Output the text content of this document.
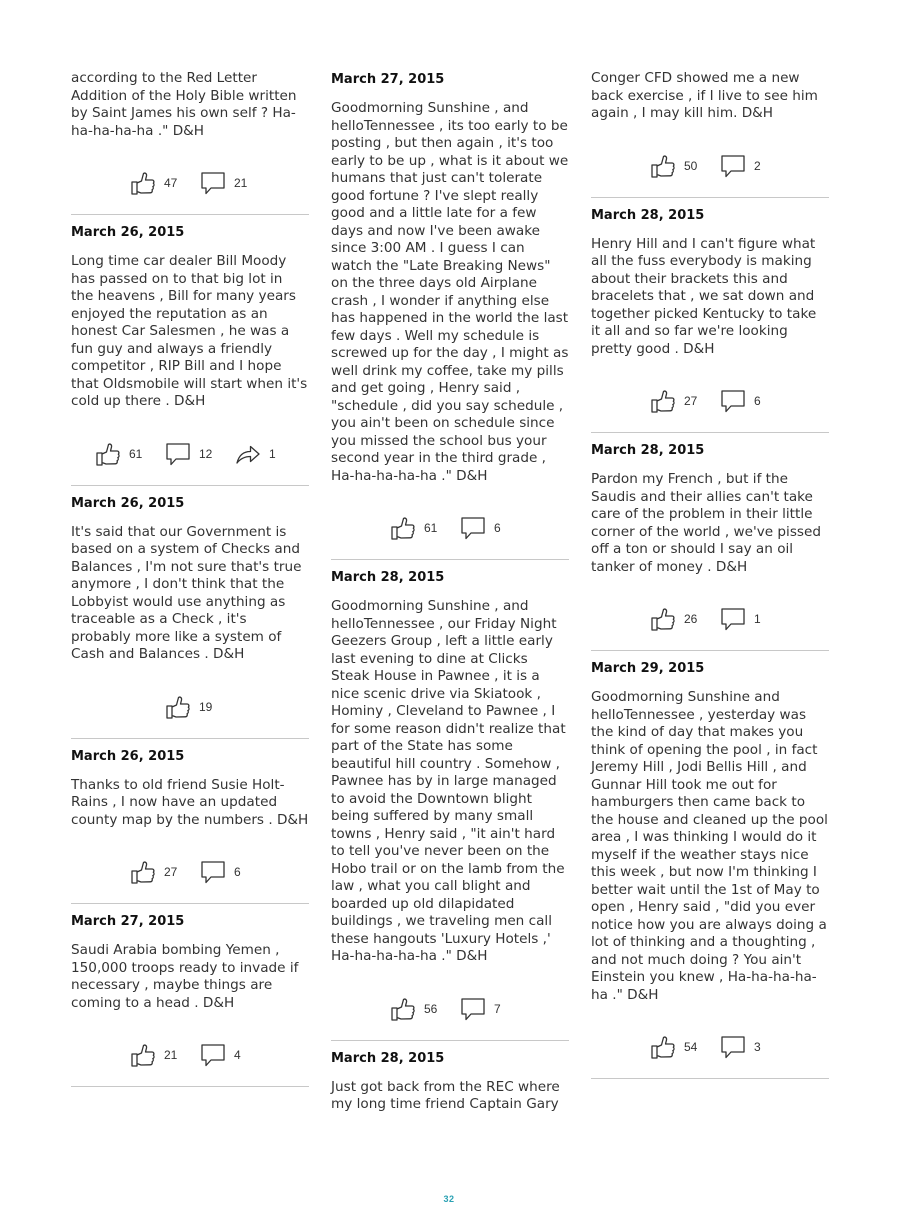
according to the Red Letter Addition of the Holy Bible written by Saint James his own self ? Ha-ha-ha-ha-ha ." D&H

47	21
March 26, 2015

Long time car dealer Bill Moody has passed on to that big lot in the heavens , Bill for many years enjoyed the reputation as an honest Car Salesmen , he was a fun guy and always a friendly competitor , RIP Bill and I hope that Oldsmobile will start when it's cold up there . D&H

61	12	1
March 26, 2015

It's said that our Government is based on a system of Checks and Balances , I'm not sure that's true anymore , I don't think that the Lobbyist would use anything as traceable as a Check , it's probably more like a system of Cash and Balances . D&H

19
March 26, 2015

Thanks to old friend Susie Holt-Rains , I now have an updated county map by the numbers . D&H

27	6
March 27, 2015

Saudi Arabia bombing Yemen , 150,000 troops ready to invade if necessary , maybe things are coming to a head . D&H

21	4
March 27, 2015

Goodmorning Sunshine , and helloTennessee , its too early to be posting , but then again , it's too early to be up , what is it about we humans that just can't tolerate good fortune ? I've slept really good and a little late for a few days and now I've been awake since 3:00 AM . I guess I can watch the "Late Breaking News" on the three days old Airplane crash , I wonder if anything else has happened in the world the last few days . Well my schedule is screwed up for the day , I might as well drink my coffee, take my pills and get going , Henry said , "schedule , did you say schedule , you ain't been on schedule since you missed the school bus your second year in the third grade , Ha-ha-ha-ha-ha ." D&H

61	6
March 28, 2015

Goodmorning Sunshine , and helloTennessee , our Friday Night Geezers Group , left a little early last evening to dine at Clicks Steak House in Pawnee , it is a nice scenic drive via Skiatook , Hominy , Cleveland to Pawnee , I for some reason didn't realize that part of the State has some beautiful hill country . Somehow , Pawnee has by in large managed to avoid the Downtown blight being suffered by many small towns , Henry said , "it ain't hard to tell you've never been on the Hobo trail or on the lamb from the law , what you call blight and boarded up old dilapidated buildings , we traveling men call these hangouts 'Luxury Hotels ,' Ha-ha-ha-ha-ha ." D&H

56	7
March 28, 2015

Just got back from the REC where my long time friend Captain Gary

Conger CFD showed me a new back exercise , if I live to see him again , I may kill him. D&H

50	2
March 28, 2015

Henry Hill and I can't figure what all the fuss everybody is making about their brackets this and bracelets that , we sat down and together picked Kentucky to take it all and so far we're looking pretty good . D&H

27	6
March 28, 2015

Pardon my French , but if the Saudis and their allies can't take care of the problem in their little corner of the world , we've pissed off a ton or should I say an oil tanker of money . D&H

26	1
March 29, 2015

Goodmorning Sunshine and helloTennessee , yesterday was the kind of day that makes you think of opening the pool , in fact Jeremy Hill , Jodi Bellis Hill , and Gunnar Hill took me out for hamburgers then came back to the house and cleaned up the pool area , I was thinking I would do it myself if the weather stays nice this week , but now I'm thinking I better wait until the 1st of May to open , Henry said , "did you ever notice how you are always doing a lot of thinking and a thoughting , and not much doing ? You ain't Einstein you knew , Ha-ha-ha-ha-ha ." D&H

54	3
32
